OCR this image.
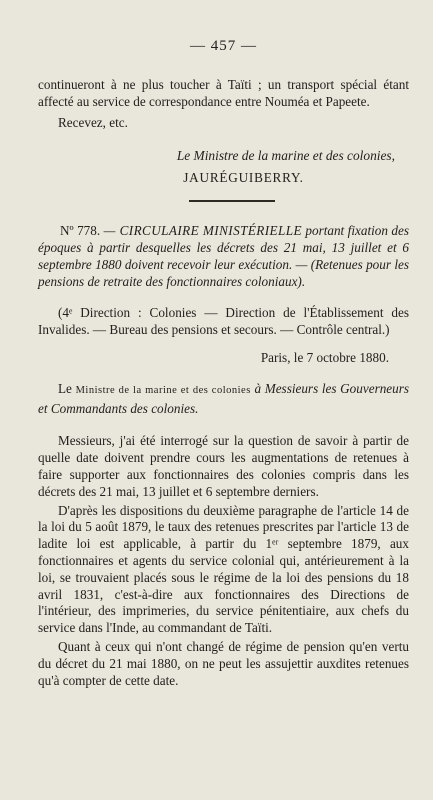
— 457 —

continueront à ne plus toucher à Taïti ; un transport spécial étant affecté au service de correspondance entre Nouméa et Papeete.

Recevez, etc.

Le Ministre de la marine et des colonies,

JAURÉGUIBERRY.

Nº 778. — CIRCULAIRE MINISTÉRIELLE portant fixation des époques à partir desquelles les décrets des 21 mai, 13 juillet et 6 septembre 1880 doivent recevoir leur exécution. — (Retenues pour les pensions de retraite des fonctionnaires coloniaux).

(4ᵉ Direction : Colonies — Direction de l'Établissement des Invalides. — Bureau des pensions et secours. — Contrôle central.)

Paris, le 7 octobre 1880.

Le Ministre de la marine et des colonies à Messieurs les Gouverneurs et Commandants des colonies.

Messieurs, j'ai été interrogé sur la question de savoir à partir de quelle date doivent prendre cours les augmentations de retenues à faire supporter aux fonctionnaires des colonies compris dans les décrets des 21 mai, 13 juillet et 6 septembre derniers.

D'après les dispositions du deuxième paragraphe de l'article 14 de la loi du 5 août 1879, le taux des retenues prescrites par l'article 13 de ladite loi est applicable, à partir du 1ᵉʳ septembre 1879, aux fonctionnaires et agents du service colonial qui, antérieurement à la loi, se trouvaient placés sous le régime de la loi des pensions du 18 avril 1831, c'est-à-dire aux fonctionnaires des Directions de l'intérieur, des imprimeries, du service pénitentiaire, aux chefs du service dans l'Inde, au commandant de Taïti.

Quant à ceux qui n'ont changé de régime de pension qu'en vertu du décret du 21 mai 1880, on ne peut les assujettir auxdites retenues qu'à compter de cette date.
